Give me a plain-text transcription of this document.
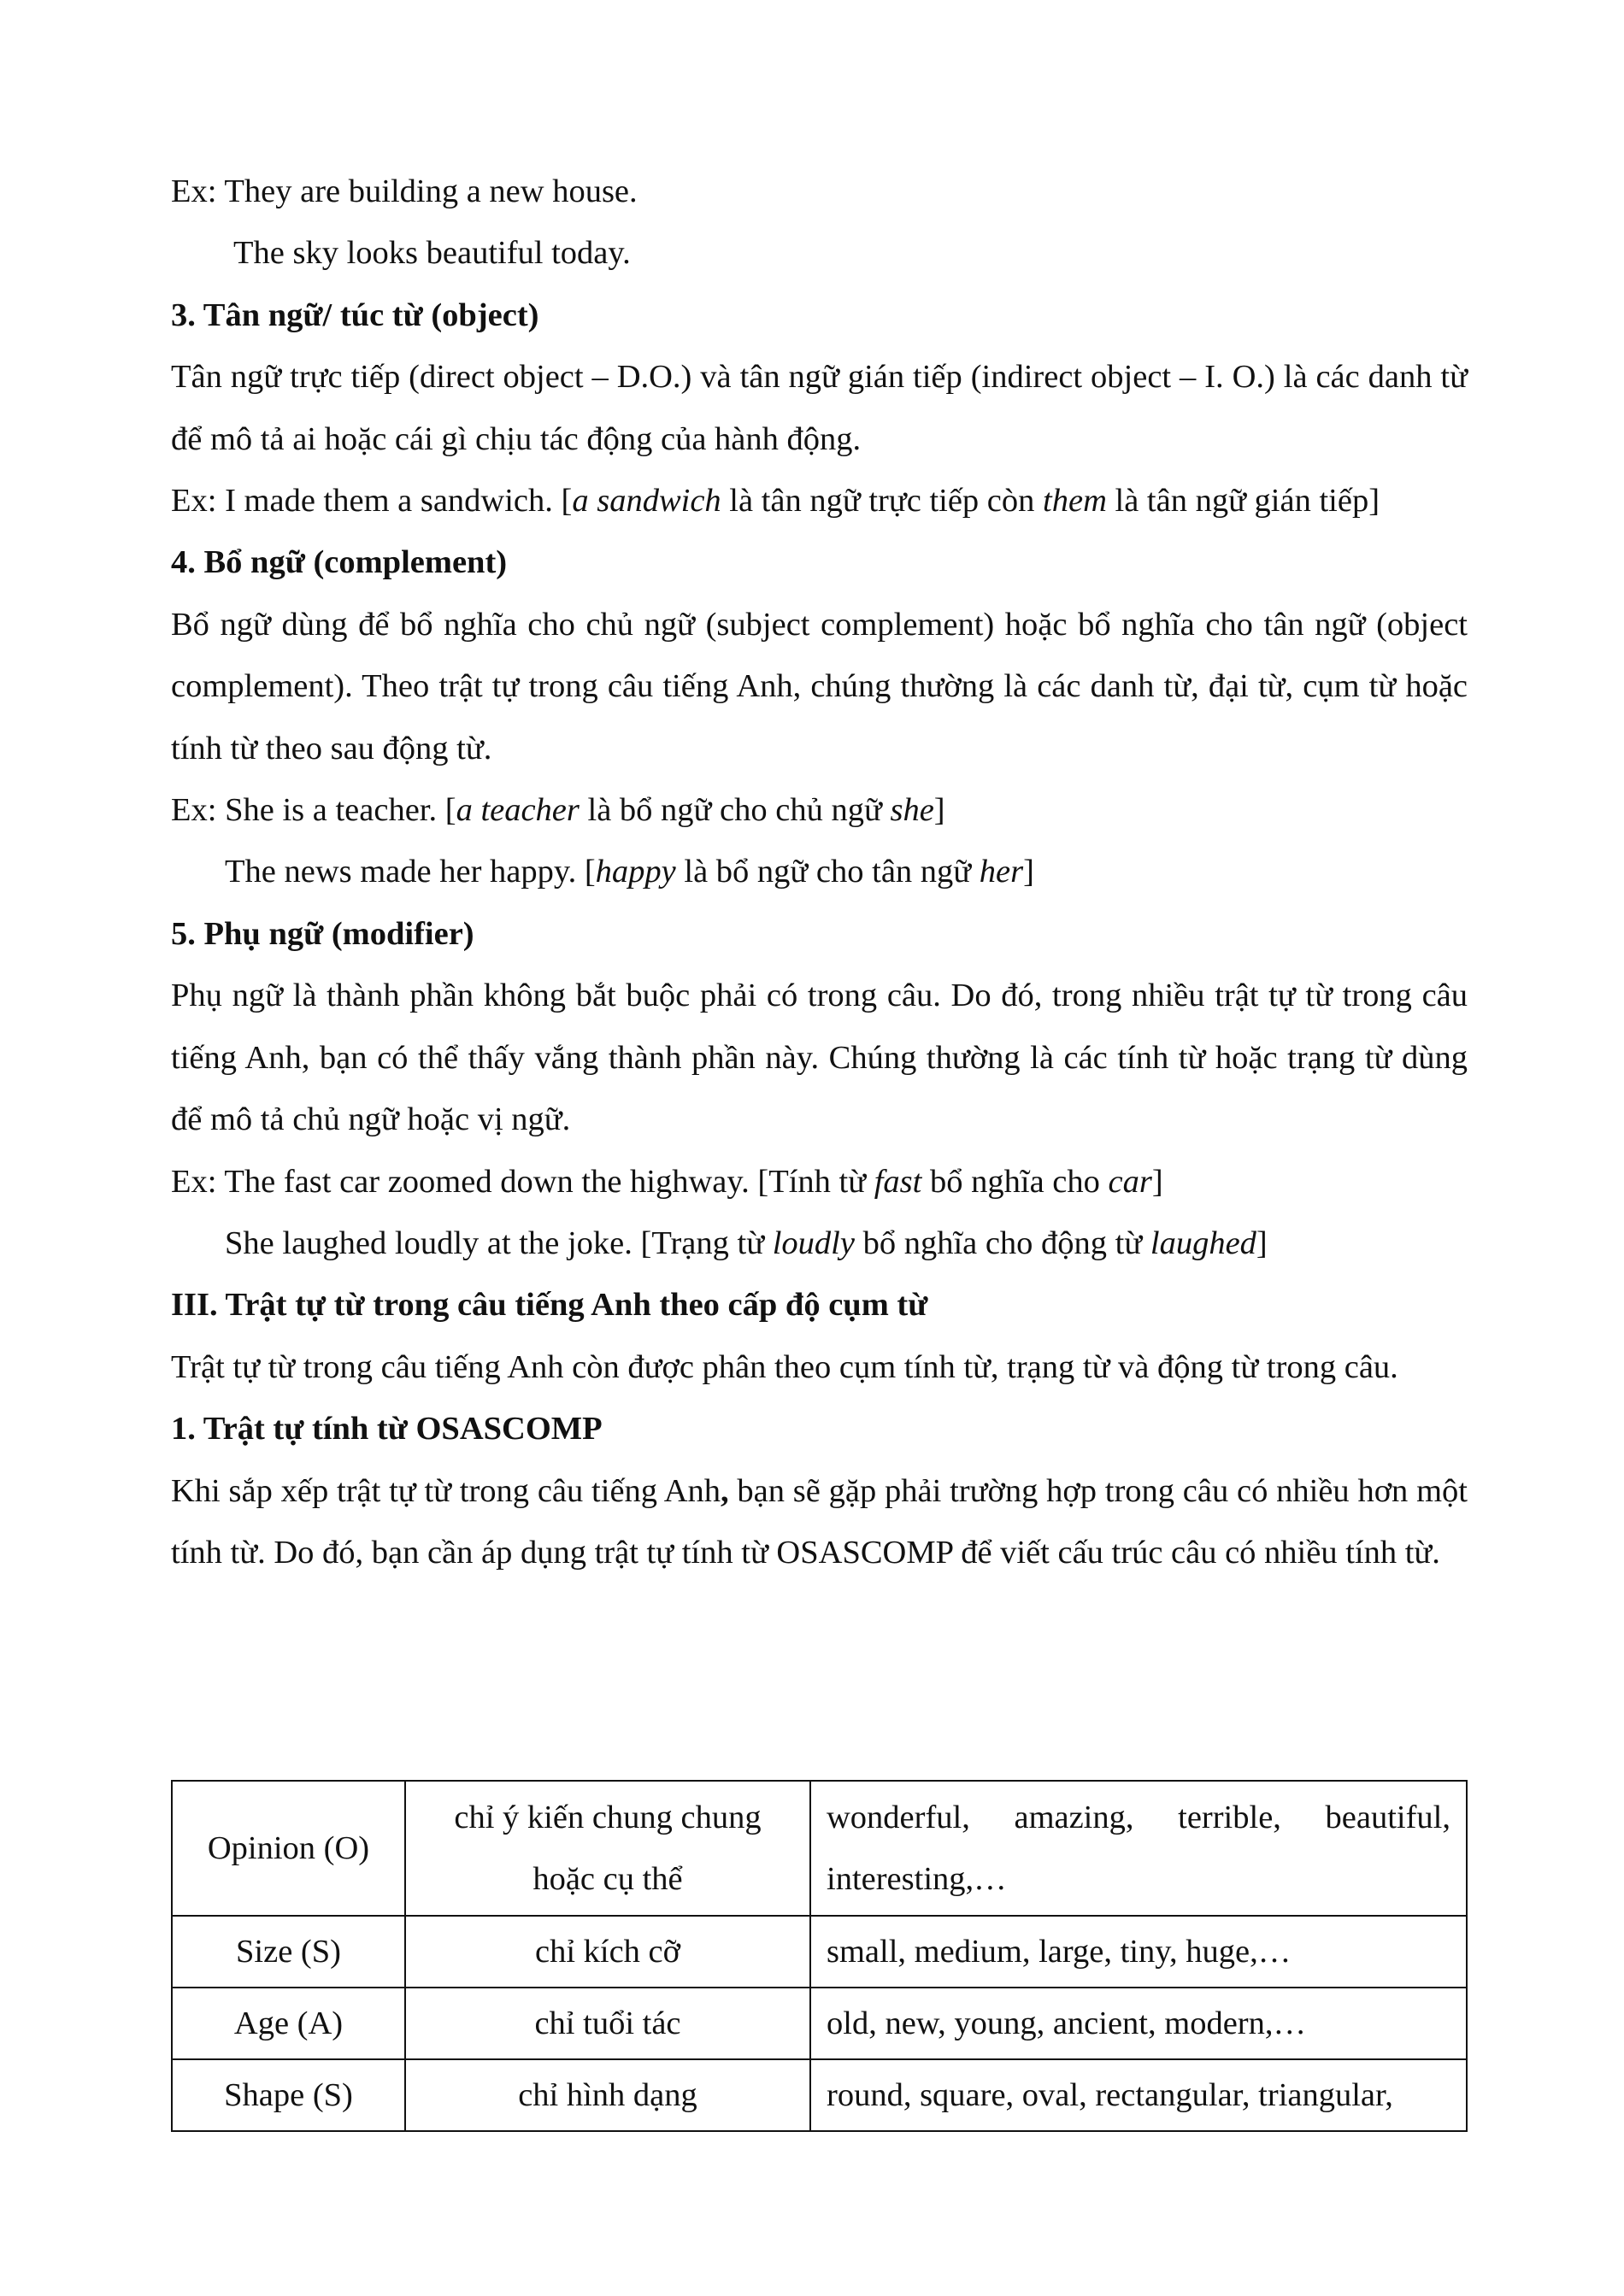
Ex: They are building a new house.

The sky looks beautiful today.

3. Tân ngữ/ túc từ (object)

Tân ngữ trực tiếp (direct object – D.O.) và tân ngữ gián tiếp (indirect object – I. O.) là các danh từ để mô tả ai hoặc cái gì chịu tác động của hành động.

Ex: I made them a sandwich. [a sandwich là tân ngữ trực tiếp còn them là tân ngữ gián tiếp]

4. Bổ ngữ (complement)

Bổ ngữ dùng để bổ nghĩa cho chủ ngữ (subject complement) hoặc bổ nghĩa cho tân ngữ (object complement). Theo trật tự trong câu tiếng Anh, chúng thường là các danh từ, đại từ, cụm từ hoặc tính từ theo sau động từ.

Ex: She is a teacher. [a teacher là bổ ngữ cho chủ ngữ she]

The news made her happy. [happy là bổ ngữ cho tân ngữ her]

5. Phụ ngữ (modifier)

Phụ ngữ là thành phần không bắt buộc phải có trong câu. Do đó, trong nhiều trật tự từ trong câu tiếng Anh, bạn có thể thấy vắng thành phần này. Chúng thường là các tính từ hoặc trạng từ dùng để mô tả chủ ngữ hoặc vị ngữ.

Ex: The fast car zoomed down the highway. [Tính từ fast bổ nghĩa cho car]

She laughed loudly at the joke. [Trạng từ loudly bổ nghĩa cho động từ laughed]

III. Trật tự từ trong câu tiếng Anh theo cấp độ cụm từ

Trật tự từ trong câu tiếng Anh còn được phân theo cụm tính từ, trạng từ và động từ trong câu.

1. Trật tự tính từ OSASCOMP

Khi sắp xếp trật tự từ trong câu tiếng Anh, bạn sẽ gặp phải trường hợp trong câu có nhiều hơn một tính từ. Do đó, bạn cần áp dụng trật tự tính từ OSASCOMP để viết cấu trúc câu có nhiều tính từ.

Opinion (O)	chỉ ý kiến chung chung hoặc cụ thể	wonderful, amazing, terrible, beautiful, interesting,…
Size (S)	chỉ kích cỡ	small, medium, large, tiny, huge,…
Age (A)	chỉ tuổi tác	old, new, young, ancient, modern,…
Shape (S)	chỉ hình dạng	round, square, oval, rectangular, triangular,
